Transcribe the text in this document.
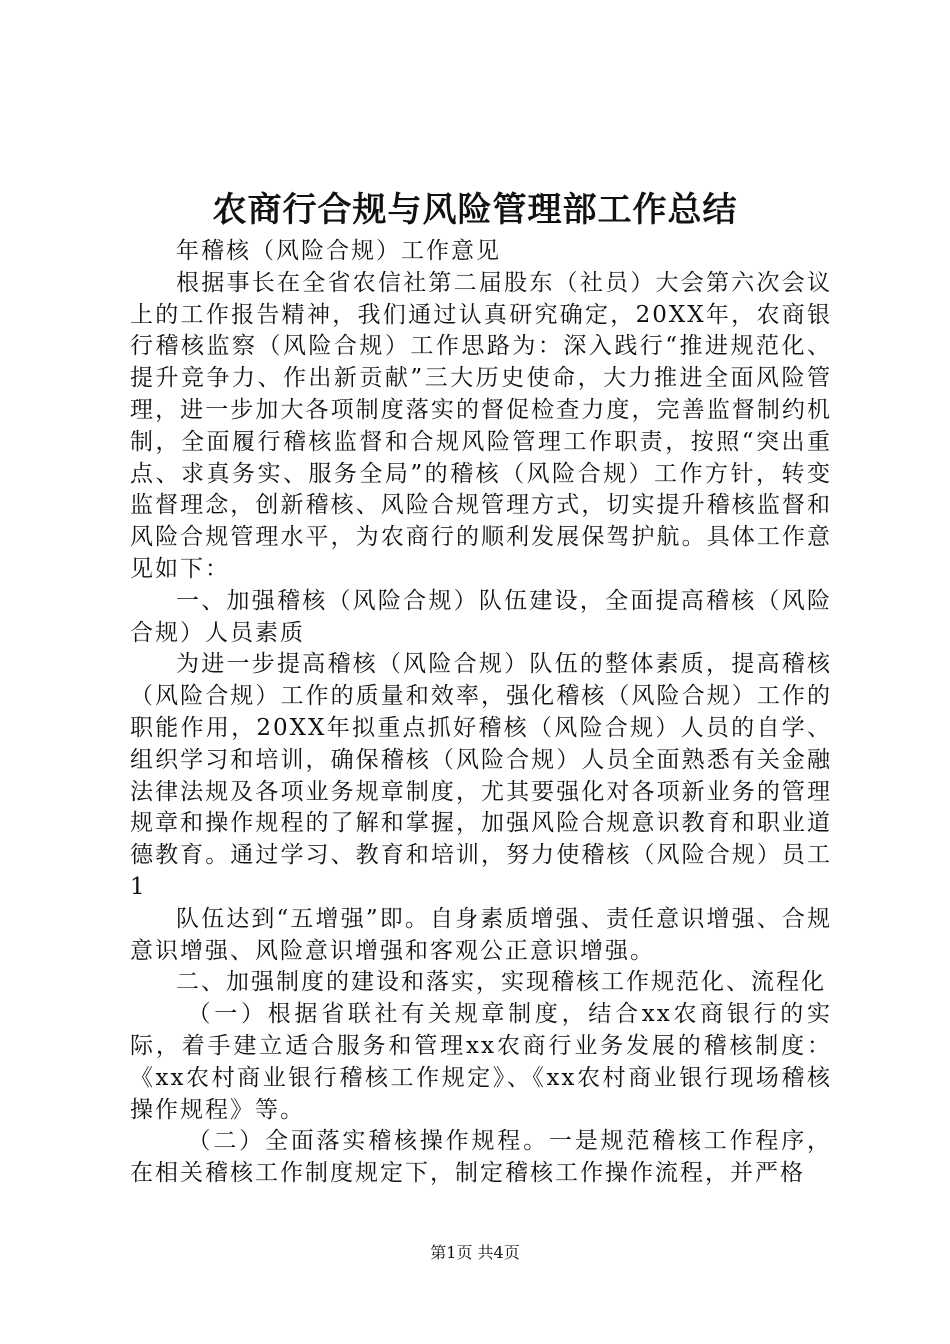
农商行合规与风险管理部工作总结

年稽核（风险合规）工作意见

根据事长在全省农信社第二届股东（社员）大会第六次会议上的工作报告精神，我们通过认真研究确定，20XX年，农商银行稽核监察（风险合规）工作思路为：深入践行“推进规范化、提升竞争力、作出新贡献”三大历史使命，大力推进全面风险管理，进一步加大各项制度落实的督促检查力度，完善监督制约机制，全面履行稽核监督和合规风险管理工作职责，按照“突出重点、求真务实、服务全局”的稽核（风险合规）工作方针，转变监督理念，创新稽核、风险合规管理方式，切实提升稽核监督和风险合规管理水平，为农商行的顺利发展保驾护航。具体工作意见如下：

一、加强稽核（风险合规）队伍建设，全面提高稽核（风险合规）人员素质

为进一步提高稽核（风险合规）队伍的整体素质，提高稽核（风险合规）工作的质量和效率，强化稽核（风险合规）工作的职能作用，20XX年拟重点抓好稽核（风险合规）人员的自学、组织学习和培训，确保稽核（风险合规）人员全面熟悉有关金融法律法规及各项业务规章制度，尤其要强化对各项新业务的管理规章和操作规程的了解和掌握，加强风险合规意识教育和职业道德教育。通过学习、教育和培训，努力使稽核（风险合规）员工1

队伍达到“五增强”即。自身素质增强、责任意识增强、合规意识增强、风险意识增强和客观公正意识增强。

二、加强制度的建设和落实，实现稽核工作规范化、流程化

（一）根据省联社有关规章制度，结合xx农商银行的实际，着手建立适合服务和管理xx农商行业务发展的稽核制度：《xx农村商业银行稽核工作规定》、《xx农村商业银行现场稽核操作规程》等。

（二）全面落实稽核操作规程。一是规范稽核工作程序，在相关稽核工作制度规定下，制定稽核工作操作流程，并严格

第1页 共4页
